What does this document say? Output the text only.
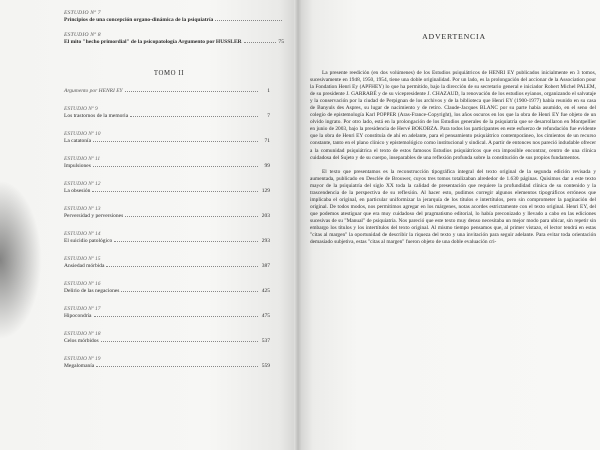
ESTUDIO Nº 7
Principios de una concepción organo-dinámica de la psiquiatría
ESTUDIO Nº 8
El mito "hecho primordial" de la psicopatología Argumento por HUSSLER	75
TOMO II
Argumento por HENRI EY	1
ESTUDIO Nº 9
Los trastornos de la memoria	7
ESTUDIO Nº 10
La catatonía	71
ESTUDIO Nº 11
Impulsiones	99
ESTUDIO Nº 12
La obsesión	129
ESTUDIO Nº 13
Perversidad y perversiones	203
ESTUDIO Nº 14
El suicidio patológico	293
ESTUDIO Nº 15
Ansiedad mórbida	387
ESTUDIO Nº 16
Delirio de las negaciones	425
ESTUDIO Nº 17
Hipocondría	475
ESTUDIO Nº 18
Celos mórbidos	537
ESTUDIO Nº 19
Megalomanía	559
ADVERTENCIA

La presente reedición (en dos volúmenes) de los Estudios psiquiátricos de HENRI EY publicados inicialmente en 3 tomos, sucesivamente en 1948, 1950, 1954, tiene una doble originalidad. Por un lado, es la prolongación del accionar de la Association pour la Fondation Henri Ey (APFHEY) lo que ha permitido, bajo la dirección de su secretario general e iniciador Robert Michel PALEM, de su presidente J. GARRABÉ y de su vicepresidente J. CHAZAUD, la renovación de los estudios eyianos, organizando el salvataje y la conservación por la ciudad de Perpignan de los archivos y de la biblioteca que Henri EY (1900-1977) había reunido en su casa de Banyuls des Aspres, su lugar de nacimiento y de retiro. Claude-Jacques BLANC por su parte había asumido, en el seno del colegio de epistemología Karl POPPER (Aras-France-Copyright), los años oscuros en los que la obra de Henri EY fue objeto de un olvido ingrato. Por otro lado, está en la prolongación de los Estudios generales de la psiquiatría que se desarrollaron en Montpellier en junio de 2003, bajo la presidencia de Hervé BOKOBZA. Para todos los participantes en este esfuerzo de refundación fue evidente que la obra de Henri EY constituía de ahí en adelante, para el pensamiento psiquiátrico contemporáneo, los cimientos de un recurso constante, tanto en el plano clínico y epistemológico como institucional y sindical. A partir de entonces nos pareció indudable ofrecer a la comunidad psiquiátrica el texto de estos famosos Estudios psiquiátricos que era imposible encontrar, centro de una clínica cuidadosa del Sujeto y de su cuerpo, inseparables de una reflexión profunda sobre la constitución de sus propios fundamentos.

El texto que presentamos es la reconstrucción tipográfica integral del texto original de la segunda edición revisada y aumentada, publicado en Desclée de Brouwer, cuyos tres tomos totalizaban alrededor de 1.630 páginas. Quisimos dar a este texto mayor de la psiquiatría del siglo XX toda la calidad de presentación que requiere la profundidad clínica de su contenido y la trascendencia de la perspectiva de su reflexión. Al hacer esto, pudimos corregir algunos elementos tipográficos erróneos que implicaba el original, en particular uniformizar la jerarquía de los títulos e intertítulos, pero sin comprometer la paginación del original. De todos modos, nos permitimos agregar en los márgenes, notas acordes estrictamente con el texto original. Henri EY, del que podemos atestiguar que era muy cuidadoso del pragmatismo editorial, lo había preconizado y llevado a cabo en las ediciones sucesivas de su "Manual" de psiquiatría. Nos pareció que este texto muy denso necesitaba un mejor modo para ubicar, sin repetir sin embargo los títulos y los intertítulos del texto original. Al mismo tiempo pensamos que, al primer vistazo, el lector tendrá en estas "citas al margen" la oportunidad de describir la riqueza del texto y una invitación para seguir adelante. Para evitar toda orientación demasiado subjetiva, estas "citas al margen" fueron objeto de una doble evaluación cri-
